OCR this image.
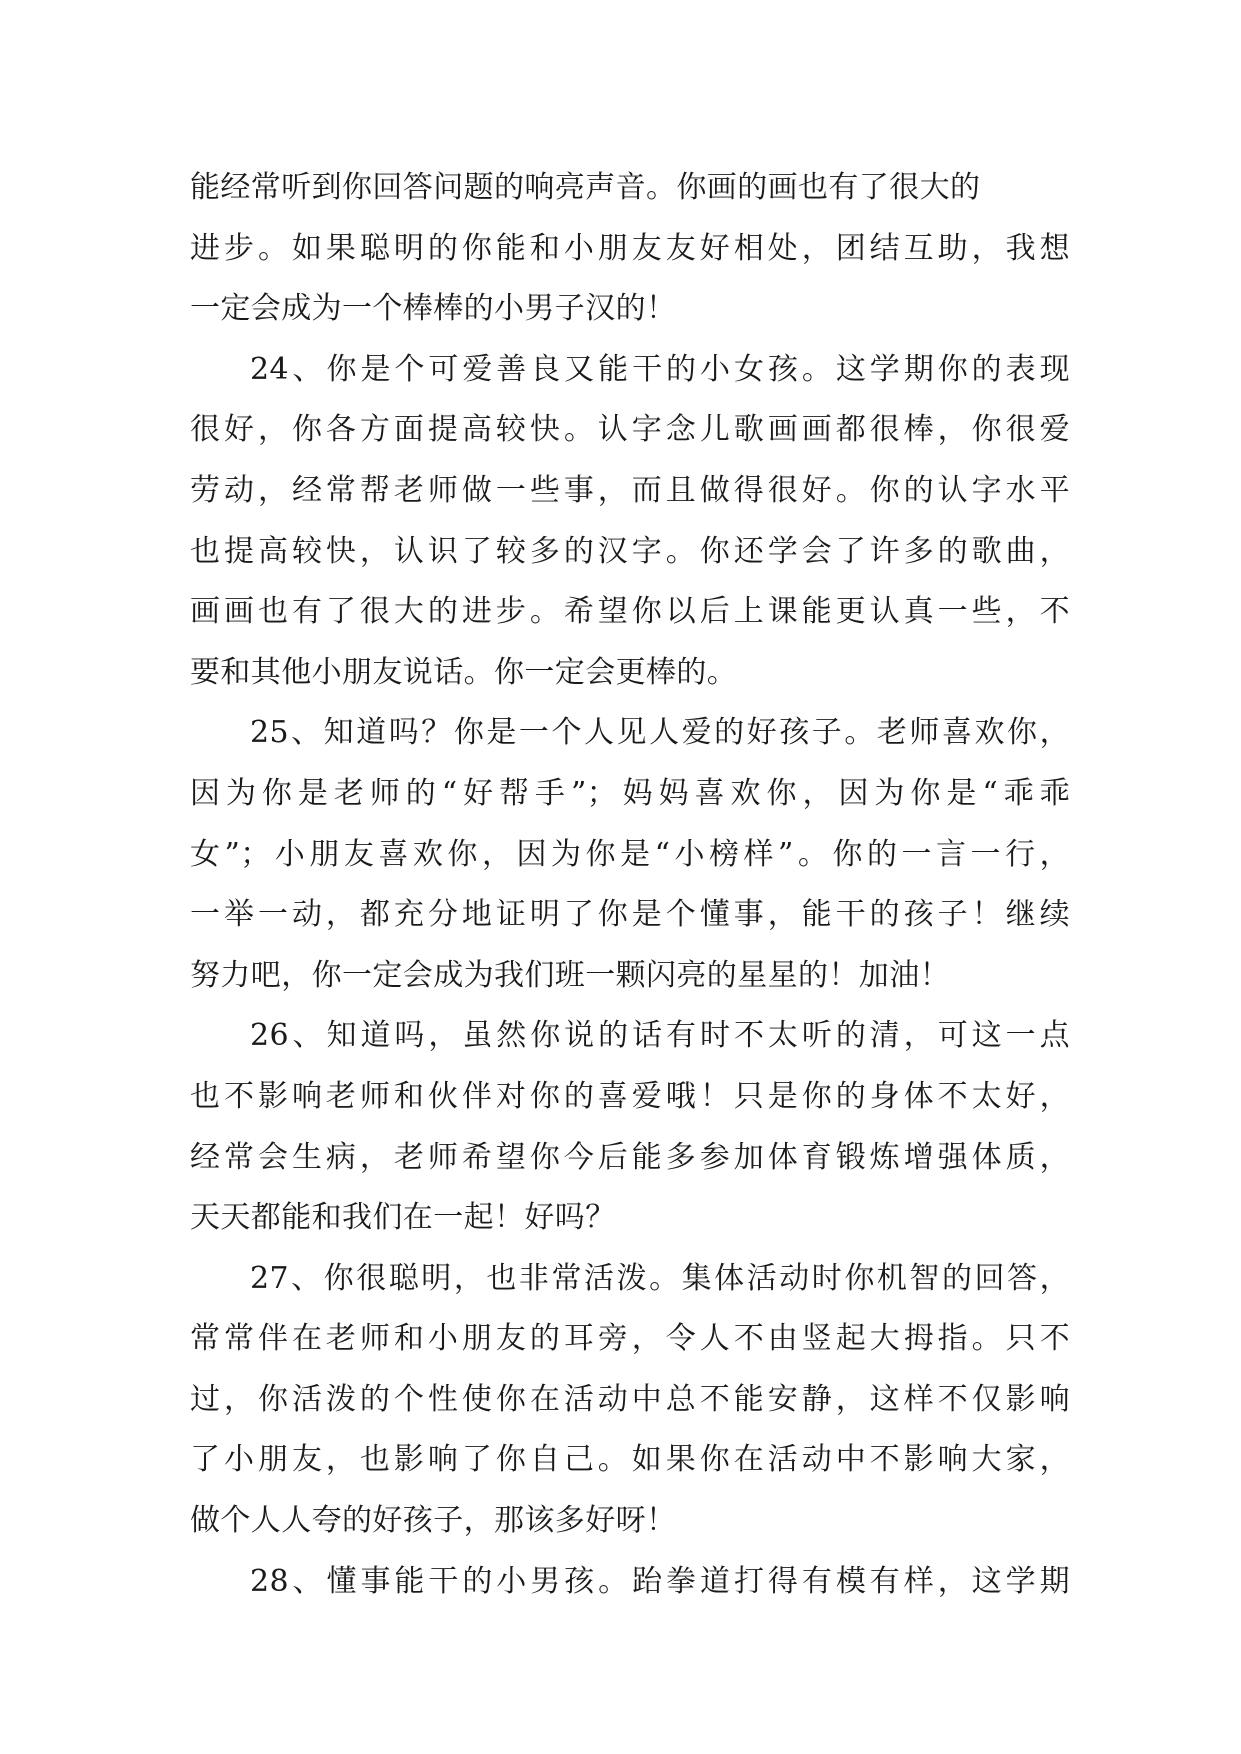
能经常听到你回答问题的响亮声音。你画的画也有了很大的
进步。如果聪明的你能和小朋友友好相处，团结互助，我想
一定会成为一个棒棒的小男子汉的！
24、你是个可爱善良又能干的小女孩。这学期你的表现
很好，你各方面提高较快。认字念儿歌画画都很棒，你很爱
劳动，经常帮老师做一些事，而且做得很好。你的认字水平
也提高较快，认识了较多的汉字。你还学会了许多的歌曲，
画画也有了很大的进步。希望你以后上课能更认真一些，不
要和其他小朋友说话。你一定会更棒的。
25、知道吗？你是一个人见人爱的好孩子。老师喜欢你，
因为你是老师的“好帮手”；妈妈喜欢你，因为你是“乖乖
女”；小朋友喜欢你，因为你是“小榜样”。你的一言一行，
一举一动，都充分地证明了你是个懂事，能干的孩子！继续
努力吧，你一定会成为我们班一颗闪亮的星星的！加油！
26、知道吗，虽然你说的话有时不太听的清，可这一点
也不影响老师和伙伴对你的喜爱哦！只是你的身体不太好，
经常会生病，老师希望你今后能多参加体育锻炼增强体质，
天天都能和我们在一起！好吗？
27、你很聪明，也非常活泼。集体活动时你机智的回答，
常常伴在老师和小朋友的耳旁，令人不由竖起大拇指。只不
过，你活泼的个性使你在活动中总不能安静，这样不仅影响
了小朋友，也影响了你自己。如果你在活动中不影响大家，
做个人人夸的好孩子，那该多好呀！
28、懂事能干的小男孩。跆拳道打得有模有样，这学期
